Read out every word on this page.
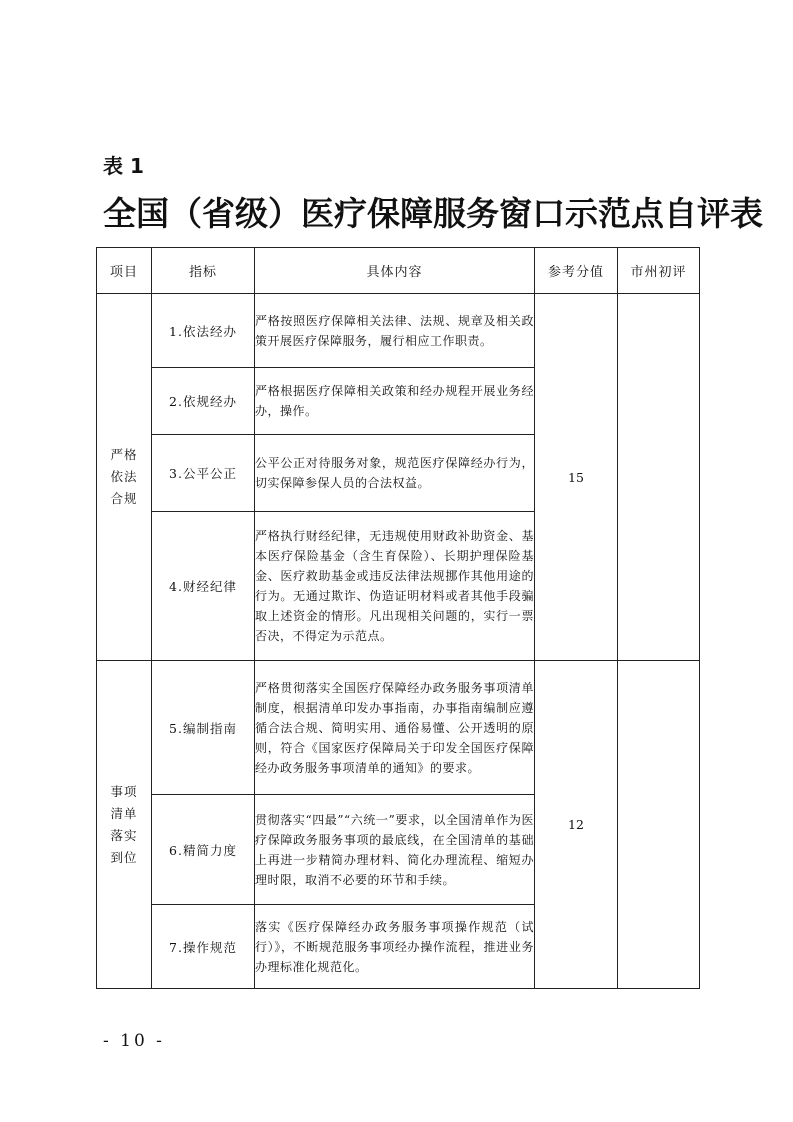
表 1
全国（省级）医疗保障服务窗口示范点自评表
项目	指标	具体内容	参考分值	市州初评

严格
依法
合规	1.依法经办	严格按照医疗保障相关法律、法规、规章及相关政策开展医疗保障服务，履行相应工作职责。	15	
	2.依规经办	严格根据医疗保障相关政策和经办规程开展业务经办，操作。		
	3.公平公正	公平公正对待服务对象，规范医疗保障经办行为，切实保障参保人员的合法权益。		
	4.财经纪律	严格执行财经纪律，无违规使用财政补助资金、基本医疗保险基金（含生育保险）、长期护理保险基金、医疗救助基金或违反法律法规挪作其他用途的行为。无通过欺诈、伪造证明材料或者其他手段骗取上述资金的情形。凡出现相关问题的，实行一票否决，不得定为示范点。		

事项
清单
落实
到位	5.编制指南	严格贯彻落实全国医疗保障经办政务服务事项清单制度，根据清单印发办事指南，办事指南编制应遵循合法合规、简明实用、通俗易懂、公开透明的原则，符合《国家医疗保障局关于印发全国医疗保障经办政务服务事项清单的通知》的要求。	12	
	6.精简力度	贯彻落实“四最”“六统一”要求，以全国清单作为医疗保障政务服务事项的最底线，在全国清单的基础上再进一步精简办理材料、简化办理流程、缩短办理时限，取消不必要的环节和手续。		
	7.操作规范	落实《医疗保障经办政务服务事项操作规范（试行）》，不断规范服务事项经办操作流程，推进业务办理标准化规范化。		
- 10 -
